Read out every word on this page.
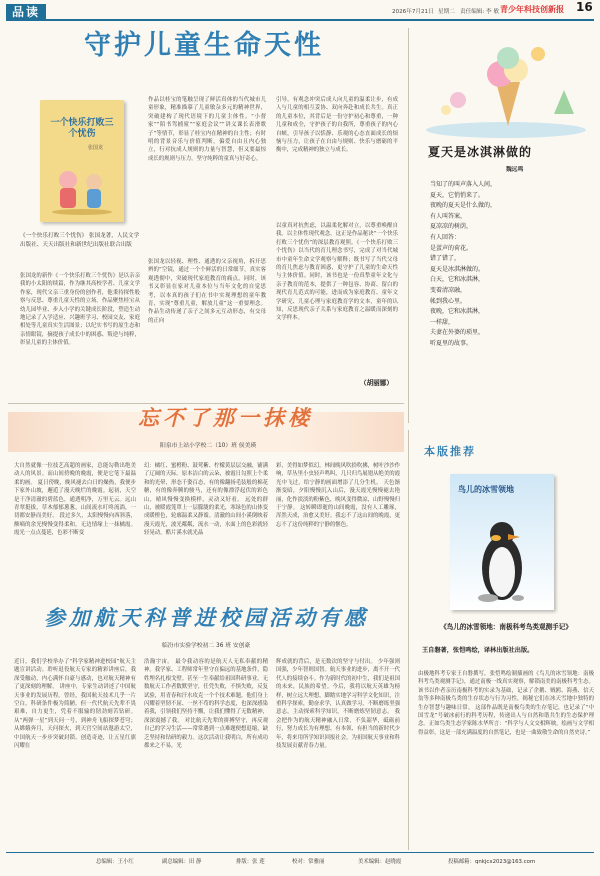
品读	2026年7月21日 星期二 责任编辑: 李 敏 青少年科技创新报 16
守护儿童生命天性
一个快乐打败三个忧伤
张国龙
《一个快乐打败三个忧伤》 张国龙著，人民文学出版社、天天出版社和新世纪出版社联合出版
张国龙的新作《一个快乐打败三个忧伤》是以亲亲我的小太阳的续篇，作为继其高校学者、儿童文学作家，现代父亲三重身份的创作者，他秉持探性般察与反思、尊重儿童天性的立场。作品聚焦桂宝从幼儿园毕业、步入小学的关键成长阶段，塑造生动地记录了入学适应、兴趣班学习、校园交友、家庭相处等儿童真实生活图景；以纪实书写的原生态和亲情眼镜，摘提孩子成长中的困惑、叛逆与纯粹，彰显儿童的主体价值。
作品以桂宝的笔触呈现了鲜活真体的当代城市儿童形象，精准描摹了儿童敏杂多元的精神世界，突破建构了现代语境下的儿童主体性。“小督家”“陌书驾捕鲨”“家庭会议”“讲义课长表滑歌子”等情节，彰显了桂宝内在精神的自主性；有时明的背景音乐与价值判断，偏爱自由且内心独立，行对抗成人规则的力量与智慧，但又要最惊成长的规则与压力，坚守纯粹的童真与好奇心。
张国龙以轻视、理性、通透的父亲视角，拆开思辨的“空镜，通过一个个鲜活的日常细节，真实客观透彻中，突破现代家庭教育的痛点。同时，该书又彰显在家对儿童本位与当年文化的自觉思考，以本真的孩子们在书中实现理想的童年教育，实现“尊重儿童，解放儿童”这一重要理念。作品生动传递了亲子之间多元互动形态，有交母的正向
引导，有观念冲突后成人向儿童的温柔让步，有成人与儿童的相互妥协、双向奔赴和成长共生。真正的儿童本位，其背后是一份守护初心和尊重，一种儿童和成全，守护孩子的自我所，尊重孩子的内心自峡，引导孩子以恬静、乐观的心态直面成长的烦恼与压力，让孩子在自由与规则、快乐与磨砺的平衡中，完成精神的独立与成长。
以童真对抗焦虑，以温柔化解对立，以尊重唤醒自我。以主体性现代观念，这正是作品秘诀“一个快乐打败三个忧伤”的深层教育观照。《一个快乐打败三个忧伤》以当代的育儿理念书写，完成了对当代城市中童年生命文学观察与解释；既书写了当代父母的育儿焦虑与教育困惑，更守护了儿童的生命天性与主体价值。同时，该书也是一份真挚童年文化与亲子教育的范本，提供了一种包容、协商、留白的现代育儿范式的可能，进而成为家庭教育、童年文学研究、儿童心理与家庭教育学的文本，童年的认知，反思现代亲子关系与家庭教育之温暖而深刻的文学样本。
（胡丽娜）
夏天是冰淇淋做的
魏远鸣
当知了的叫声落入人间，
夏天，它悄悄来了。
夜晚的夏天是什么做的，
有人叫答案，
夏凉凉的树荫，
有人回答：
是蛋声的荷花。
错了错了，
夏天是冰淇淋做的。
白天，它和冰淇淋，
变着清凉融，
帐到我心里。
夜晚，它和冰淇淋，
一样甜，
夫妻在外婆的琐里，
听夏里的故事。
忘不了那一抹楼
阳泉市上站小学校二（10）班 侯美瑛
大自然就像一位技艺高超的画家，总能勾勒出绝美动人的风景。而山间傍晚的晚霞，便是它笔下最温柔的画。 夏日傍晚，晚风褪去白日的燥热，我便步下家外山坡，邂逅了漫天晚烂的晚霞。起初，天空是干净清澈的碧蓝色，通透明净，万里无云。远山青翠挺拔，草木郁郁葱葱，山间流水叮咚流淌，一切都安静而美好。 段过多久，太阳慢慢向西斜落，额嘀的余光慢慢变得柔和，无边情缘上一抹橘霞。霞光一点点蔓延，色彩不断变
幻：橘红、蜜橙粉、鼓莺紫、柠檬黄层层交融，铺满了辽阔的天际。原本洁白的云朵，被霞日勾照上个柔和的光晕，形态千姿百态，有的像翻扬毛装般的棉花糖，有的像奔腾的骏马，还有的像漂浮起伏的彩色山，晴风慢慢变换模样，灵动又好看。 远处的群山，被暖霞笼罩上一层朦胧的柔光，寒绿色的山体变成暖橙色，轮廓温柔又静谧。清澈的山间小溪倒映着漫天霞光，波光粼粼，流水一动，水面上的色彩就轻轻晃动，酷片溪水就光晶
彩，美得如梦似幻。林间晚风吹拾吹拂，树叶沙沙作响，草丛里小虫轻声鸣叫，几只归鸟展翅从绝美的霞光中飞过，给宁静的画面增添了几分生机。 天色渐渐变暗，夕阳慢慢沉入山后，漫天霞光慢慢褪去艳丽，化作淡淡的粉紫色，晚风变得微凉，山野慢慢归于宁静。 这转瞬即逝的山间晚霞，没有人工雕琢，浑然天成，治愈又美好。我忘不了这山间的晚霞，更忘不了这份纯粹的宁静的惬色。
参加航天科普进校园活动有感
临汾市实验学校初二 36 班 安创豪
近日，我们学校举办了“科学家精神进校园”航天主题宣讲活动。聆听退役航天专家的精彩讲座后，我深受触动，内心满怀自豪与感动，也对航天精神有了更深刻的理解。 讲座中，专家生动讲述了中国航天事业的发展历程。曾经，我国航天技术几乎一片空白，科研条件极为简陋。但一代代航天先辈不畏艰难，自力更生，凭着不服输的韧劲刻苦钻研。从“两弹一星”到天问一号，到神舟飞船探梦苍穹；从嫦娥奔月，天问探火，到天宫空间站遨游太空，中国航天一步步突破封锁、创造奇迹，让五星红旗闪耀在
浩瀚宇宙。 最令我动容的是航天人无私奉献的精神。我学家、工程师常年坚守在偏远的基地条件，隐姓埋名扎根戈壁。甚至一生奉献给祖国科研事业。无数航天工作者数默坚守，任凭失败，不惧失败，反复试验，用青春和汗水攻克一个个技术难题。他们身上闪耀着坚韧不屈、一丝不苟的科学态度，也深深感染着我，引领我们坚持不懈，让我们懂得了无数精神，深深震撼了我。 对比航天先辈的拼搏坚守，再反观自己的学习生活——常常遇到一点难题便想退缩，缺乏坚持和钻研的毅力。这次活动让我明白，所有成功都来之不易，光
辉成就的背后，是无数次的坚守与付出。 少年强则国强，少年智则国智。航天事业的进步，离不开一代代人的接续奋斗。作为新时代的初中生，我们是祖国的未来，民族的希望。今后，我将以航天英雄为榜样，树立远大理想，脚踏实地学习科学文化知识，注重科学探索，勤奋求学，认真做学习，不断磨练坚强意志，主动探索科学知识，不断磨炼坚韧意志。 我会把作为的航天精神融入日常，不负韶华，砥砺前行，努力成长为有理想、有本领、有担当的新时代少年，将来用所学知识回报社会，为祖国航天事业和科技发展贡献青春力量。
本版推荐
鸟儿的冰雪领地
《鸟儿的冰雪领地：南极科考鸟类观测手记》
王自磐著，张恺鸣绘，译林出版社出版。
由极地科考专家王自磐撰写，张恺鸣绘制插画的《鸟儿的冰雪领地：南极科考鸟类观测手记》，通过南极一线真实观察，解锁南美的南极科考生态。该书以作者亲历南极科考的实录为基础，记录了企鹅、贼鸥、海燕、信天翁等多种南极鸟类的生存状态与行为习性，揭秘它们在冰天雪地中独特的生存智慧与趣味日常。 这部作品既是南极鸟类的生存笔记，也记录了“中国雪龙”号破冰前行的科考历程，传递出人与自然和谐共生的生态保护理念。正如鸟类生态学家陈水华所言：“科学与人文交相辉映，绘画与文学相得益彰，这是一部充满温度的自然笔记，也是一曲致敬生命的自然史诗。”
总编辑：王小红	副总编辑：田 静	排版：张 莲	校对：常雅丽	美术编辑：赵晓霞	投稿邮箱：qnkjcx2023@163.com
